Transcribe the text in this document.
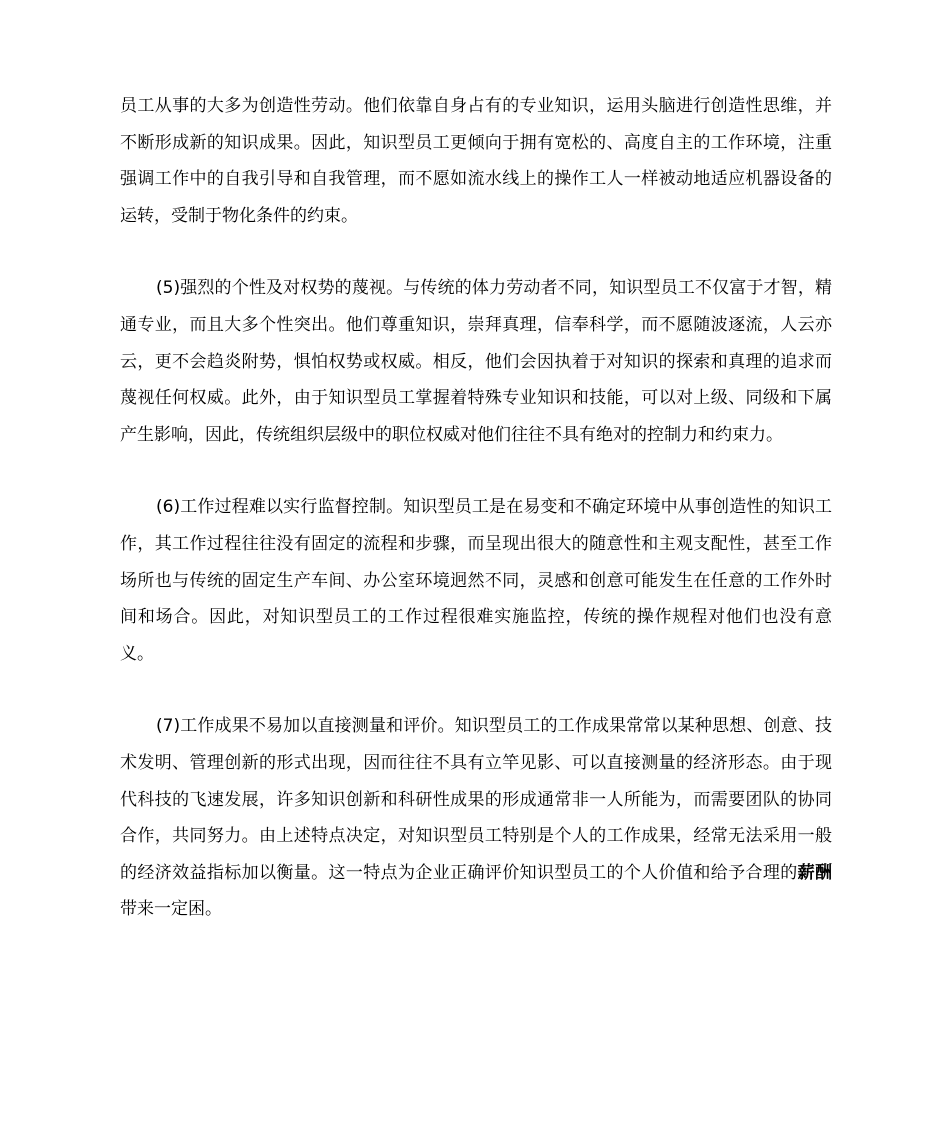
员工从事的大多为创造性劳动。他们依靠自身占有的专业知识，运用头脑进行创造性思维，并不断形成新的知识成果。因此，知识型员工更倾向于拥有宽松的、高度自主的工作环境，注重强调工作中的自我引导和自我管理，而不愿如流水线上的操作工人一样被动地适应机器设备的运转，受制于物化条件的约束。

(5)强烈的个性及对权势的蔑视。与传统的体力劳动者不同，知识型员工不仅富于才智，精通专业，而且大多个性突出。他们尊重知识，崇拜真理，信奉科学，而不愿随波逐流，人云亦云，更不会趋炎附势，惧怕权势或权威。相反，他们会因执着于对知识的探索和真理的追求而蔑视任何权威。此外，由于知识型员工掌握着特殊专业知识和技能，可以对上级、同级和下属产生影响，因此，传统组织层级中的职位权威对他们往往不具有绝对的控制力和约束力。

(6)工作过程难以实行监督控制。知识型员工是在易变和不确定环境中从事创造性的知识工作，其工作过程往往没有固定的流程和步骤，而呈现出很大的随意性和主观支配性，甚至工作场所也与传统的固定生产车间、办公室环境迥然不同，灵感和创意可能发生在任意的工作外时间和场合。因此，对知识型员工的工作过程很难实施监控，传统的操作规程对他们也没有意义。

(7)工作成果不易加以直接测量和评价。知识型员工的工作成果常常以某种思想、创意、技术发明、管理创新的形式出现，因而往往不具有立竿见影、可以直接测量的经济形态。由于现代科技的飞速发展，许多知识创新和科研性成果的形成通常非一人所能为，而需要团队的协同合作，共同努力。由上述特点决定，对知识型员工特别是个人的工作成果，经常无法采用一般的经济效益指标加以衡量。这一特点为企业正确评价知识型员工的个人价值和给予合理的薪酬带来一定困。
